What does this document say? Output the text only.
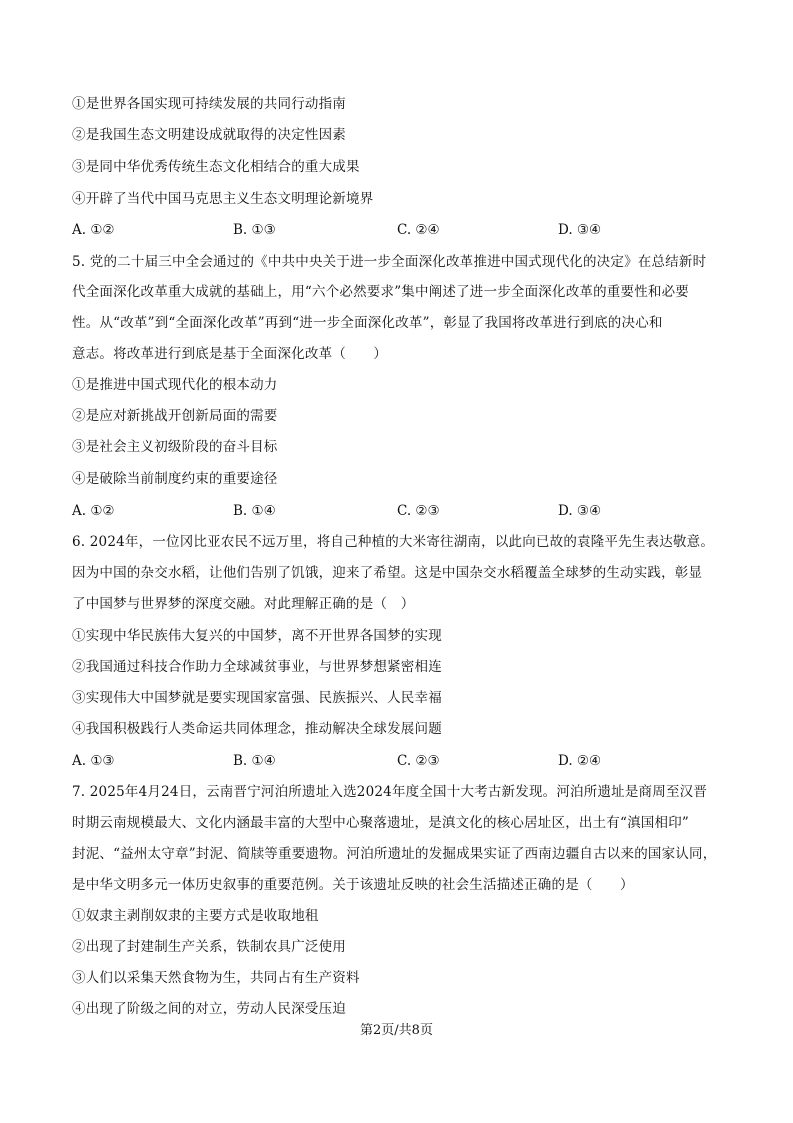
①是世界各国实现可持续发展的共同行动指南
②是我国生态文明建设成就取得的决定性因素
③是同中华优秀传统生态文化相结合的重大成果
④开辟了当代中国马克思主义生态文明理论新境界
A. ①②	B. ①③	C. ②④	D. ③④
5. 党的二十届三中全会通过的《中共中央关于进一步全面深化改革推进中国式现代化的决定》在总结新时
代全面深化改革重大成就的基础上，用“六个必然要求”集中阐述了进一步全面深化改革的重要性和必要
性。从“改革”到“全面深化改革”再到“进一步全面深化改革”，彰显了我国将改革进行到底的决心和
意志。将改革进行到底是基于全面深化改革（　　）
①是推进中国式现代化的根本动力
②是应对新挑战开创新局面的需要
③是社会主义初级阶段的奋斗目标
④是破除当前制度约束的重要途径
A. ①②	B. ①④	C. ②③	D. ③④
6. 2024年，一位冈比亚农民不远万里，将自己种植的大米寄往湖南，以此向已故的袁隆平先生表达敬意。
因为中国的杂交水稻，让他们告别了饥饿，迎来了希望。这是中国杂交水稻覆盖全球梦的生动实践，彰显
了中国梦与世界梦的深度交融。对此理解正确的是（　）
①实现中华民族伟大复兴的中国梦，离不开世界各国梦的实现
②我国通过科技合作助力全球减贫事业，与世界梦想紧密相连
③实现伟大中国梦就是要实现国家富强、民族振兴、人民幸福
④我国积极践行人类命运共同体理念，推动解决全球发展问题
A. ①③	B. ①④	C. ②③	D. ②④
7. 2025年4月24日，云南晋宁河泊所遗址入选2024年度全国十大考古新发现。河泊所遗址是商周至汉晋
时期云南规模最大、文化内涵最丰富的大型中心聚落遗址，是滇文化的核心居址区，出土有“滇国相印”
封泥、“益州太守章”封泥、简牍等重要遗物。河泊所遗址的发掘成果实证了西南边疆自古以来的国家认同，
是中华文明多元一体历史叙事的重要范例。关于该遗址反映的社会生活描述正确的是（　　）
①奴隶主剥削奴隶的主要方式是收取地租
②出现了封建制生产关系，铁制农具广泛使用
③人们以采集天然食物为生，共同占有生产资料
④出现了阶级之间的对立，劳动人民深受压迫
第2页/共8页
